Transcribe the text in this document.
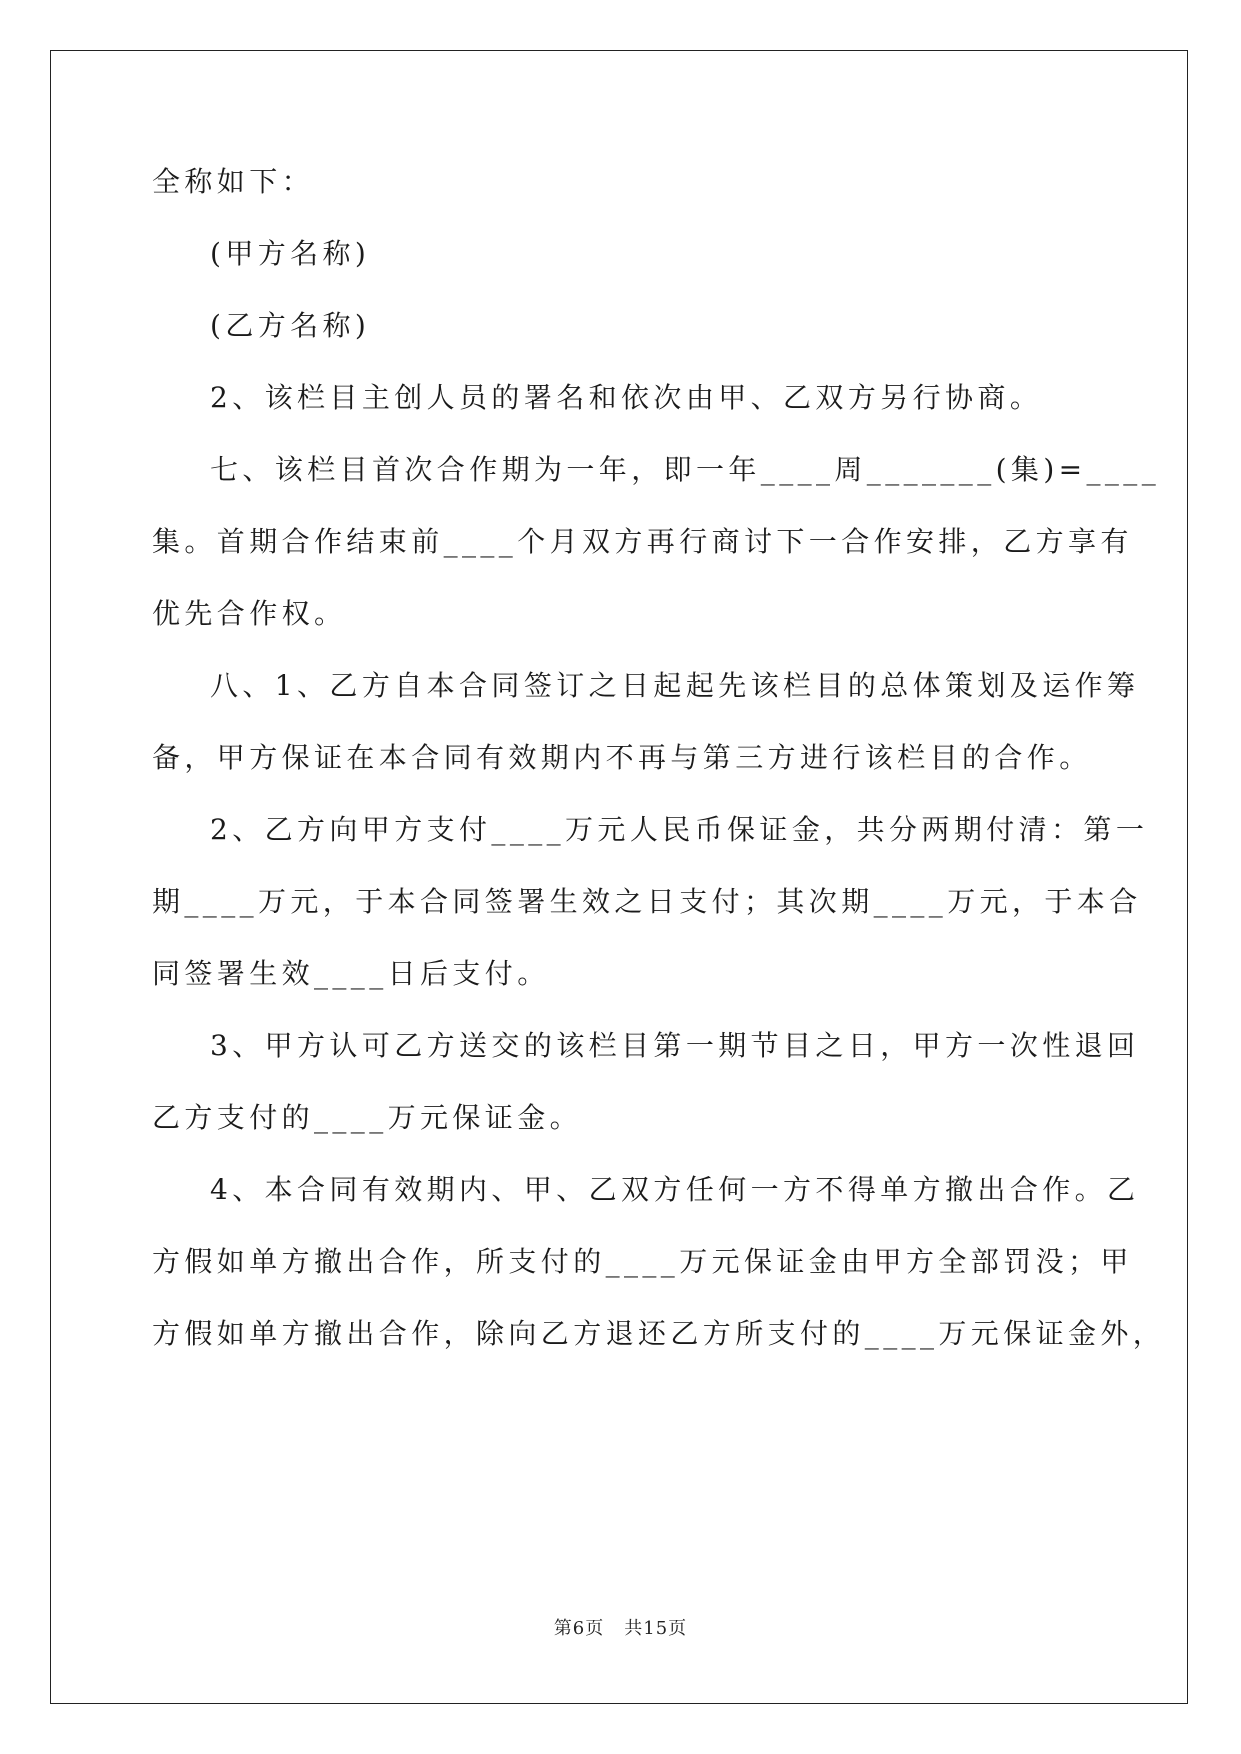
全称如下：
(甲方名称)
(乙方名称)
2、该栏目主创人员的署名和依次由甲、乙双方另行协商。
七、该栏目首次合作期为一年，即一年____周_______(集)=____
集。首期合作结束前____个月双方再行商讨下一合作安排，乙方享有
优先合作权。
八、1、乙方自本合同签订之日起起先该栏目的总体策划及运作筹
备，甲方保证在本合同有效期内不再与第三方进行该栏目的合作。
2、乙方向甲方支付____万元人民币保证金，共分两期付清：第一
期____万元，于本合同签署生效之日支付；其次期____万元，于本合
同签署生效____日后支付。
3、甲方认可乙方送交的该栏目第一期节目之日，甲方一次性退回
乙方支付的____万元保证金。
4、本合同有效期内、甲、乙双方任何一方不得单方撤出合作。乙
方假如单方撤出合作，所支付的____万元保证金由甲方全部罚没；甲
方假如单方撤出合作，除向乙方退还乙方所支付的____万元保证金外，
第6页 共15页
